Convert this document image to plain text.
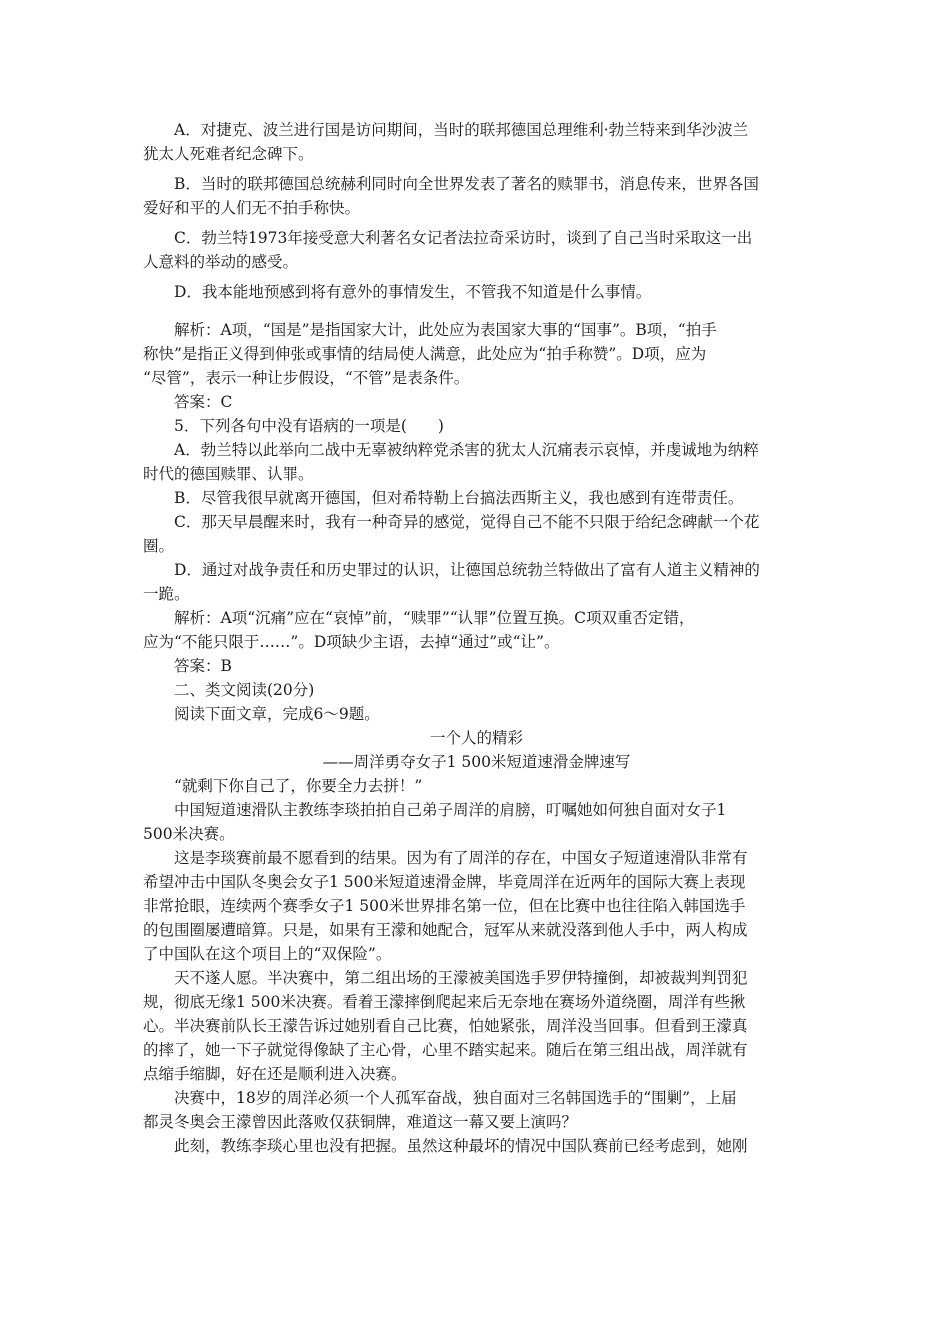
A．对捷克、波兰进行国是访问期间，当时的联邦德国总理维利·勃兰特来到华沙波兰
犹太人死难者纪念碑下。
B．当时的联邦德国总统赫利同时向全世界发表了著名的赎罪书，消息传来，世界各国
爱好和平的人们无不拍手称快。
C．勃兰特1973年接受意大利著名女记者法拉奇采访时，谈到了自己当时采取这一出
人意料的举动的感受。
D．我本能地预感到将有意外的事情发生，不管我不知道是什么事情。
解析：A项，“国是”是指国家大计，此处应为表国家大事的“国事”。B项，“拍手
称快”是指正义得到伸张或事情的结局使人满意，此处应为“拍手称赞”。D项，应为
“尽管”，表示一种让步假设，“不管”是表条件。
答案：C
5．下列各句中没有语病的一项是(　　)
A．勃兰特以此举向二战中无辜被纳粹党杀害的犹太人沉痛表示哀悼，并虔诚地为纳粹
时代的德国赎罪、认罪。
B．尽管我很早就离开德国，但对希特勒上台搞法西斯主义，我也感到有连带责任。
C．那天早晨醒来时，我有一种奇异的感觉，觉得自己不能不只限于给纪念碑献一个花
圈。
D．通过对战争责任和历史罪过的认识，让德国总统勃兰特做出了富有人道主义精神的
一跪。
解析：A项“沉痛”应在“哀悼”前，“赎罪”“认罪”位置互换。C项双重否定错，
应为“不能只限于……”。D项缺少主语，去掉“通过”或“让”。
答案：B
二、类文阅读(20分)
阅读下面文章，完成6～9题。
一个人的精彩
——周洋勇夺女子1 500米短道速滑金牌速写
“就剩下你自己了，你要全力去拼！”
中国短道速滑队主教练李琰拍拍自己弟子周洋的肩膀，叮嘱她如何独自面对女子1
500米决赛。
这是李琰赛前最不愿看到的结果。因为有了周洋的存在，中国女子短道速滑队非常有
希望冲击中国队冬奥会女子1 500米短道速滑金牌，毕竟周洋在近两年的国际大赛上表现
非常抢眼，连续两个赛季女子1 500米世界排名第一位，但在比赛中也往往陷入韩国选手
的包围圈屡遭暗算。只是，如果有王濛和她配合，冠军从来就没落到他人手中，两人构成
了中国队在这个项目上的“双保险”。
天不遂人愿。半决赛中，第二组出场的王濛被美国选手罗伊特撞倒，却被裁判判罚犯
规，彻底无缘1 500米决赛。看着王濛摔倒爬起来后无奈地在赛场外道绕圈，周洋有些揪
心。半决赛前队长王濛告诉过她别看自己比赛，怕她紧张，周洋没当回事。但看到王濛真
的摔了，她一下子就觉得像缺了主心骨，心里不踏实起来。随后在第三组出战，周洋就有
点缩手缩脚，好在还是顺利进入决赛。
决赛中，18岁的周洋必须一个人孤军奋战，独自面对三名韩国选手的“围剿”，上届
都灵冬奥会王濛曾因此落败仅获铜牌，难道这一幕又要上演吗？
此刻，教练李琰心里也没有把握。虽然这种最坏的情况中国队赛前已经考虑到，她刚
